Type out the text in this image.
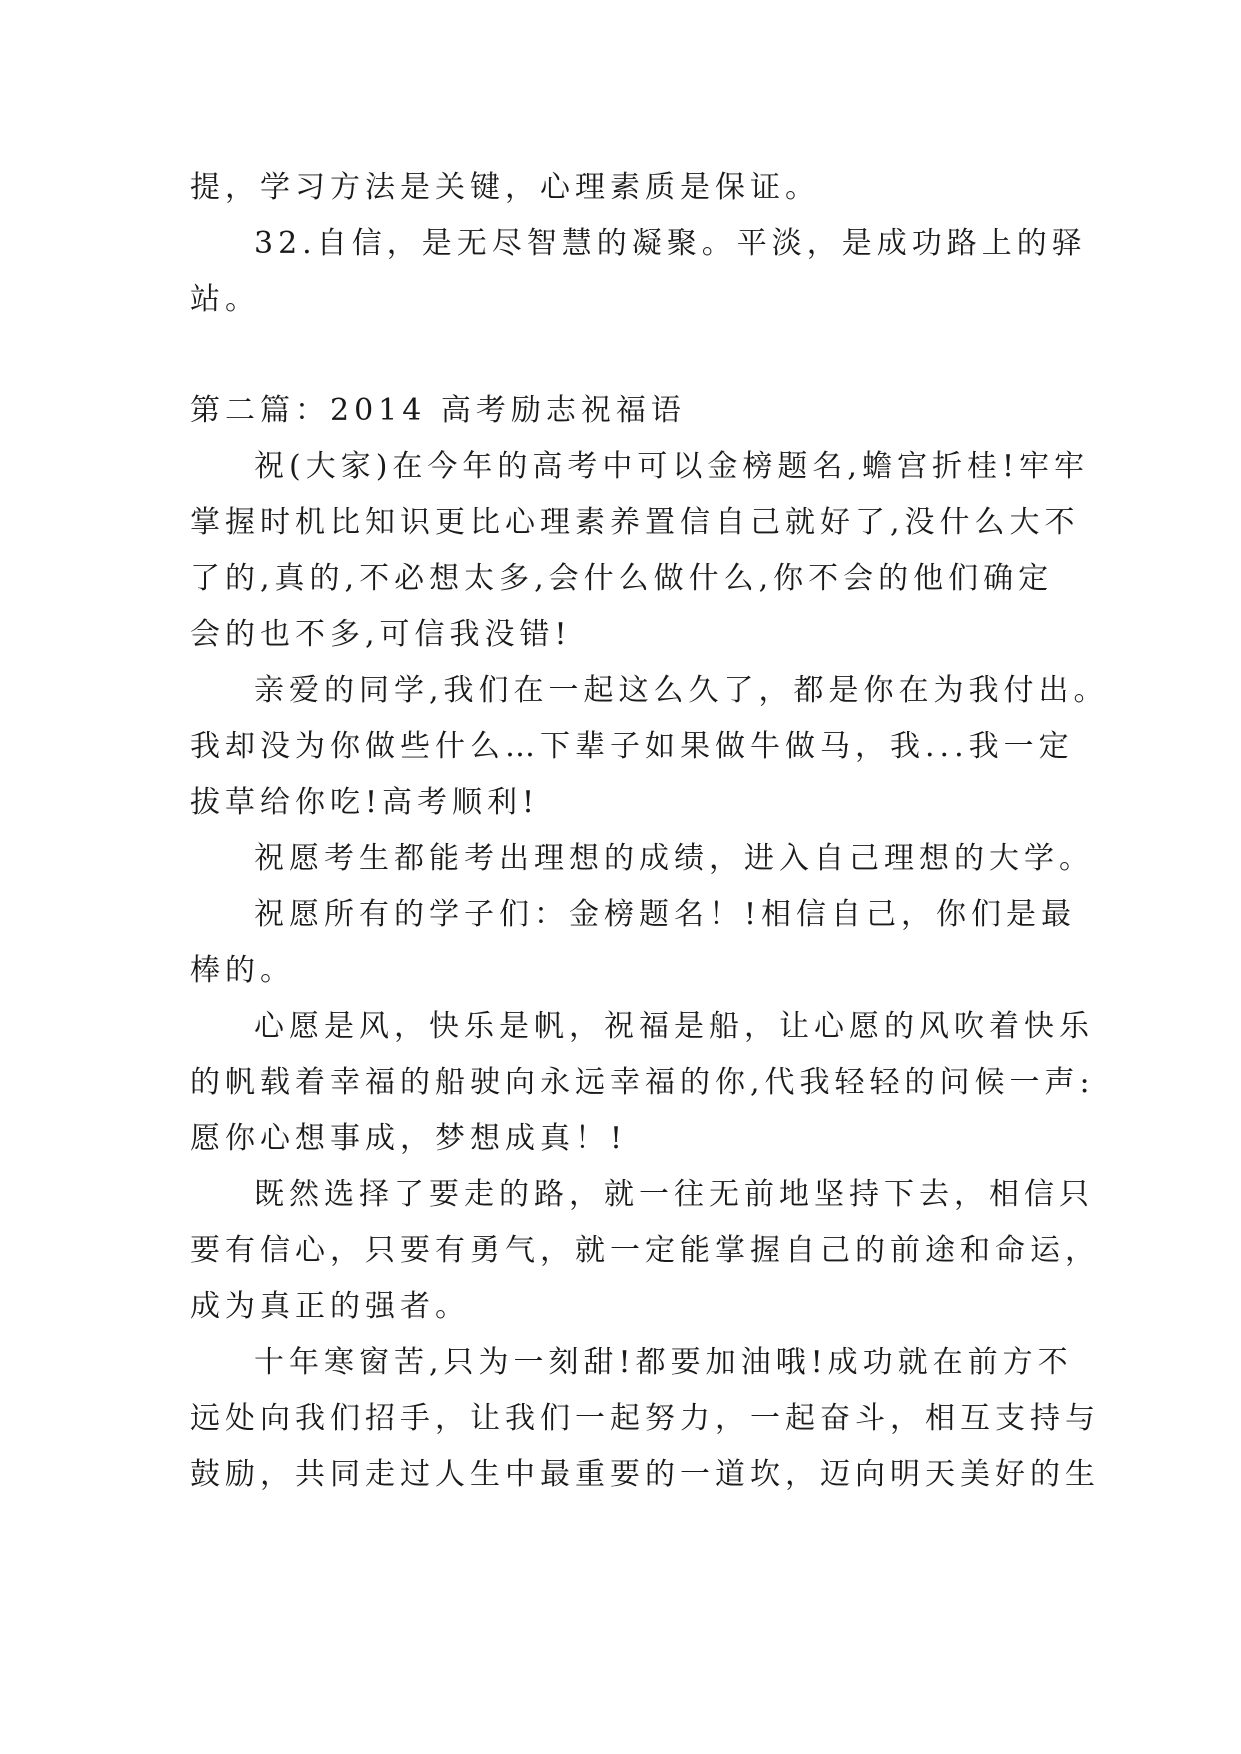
提，学习方法是关键，心理素质是保证。
32.自信，是无尽智慧的凝聚。平淡，是成功路上的驿
站。
第二篇：2014 高考励志祝福语
祝(大家)在今年的高考中可以金榜题名,蟾宫折桂!牢牢
掌握时机比知识更比心理素养置信自己就好了,没什么大不
了的,真的,不必想太多,会什么做什么,你不会的他们确定
会的也不多,可信我没错!
亲爱的同学,我们在一起这么久了，都是你在为我付出。
我却没为你做些什么…下辈子如果做牛做马，我...我一定
拔草给你吃!高考顺利!
祝愿考生都能考出理想的成绩，进入自己理想的大学。
祝愿所有的学子们：金榜题名！!相信自己，你们是最
棒的。
心愿是风，快乐是帆，祝福是船，让心愿的风吹着快乐
的帆载着幸福的船驶向永远幸福的你,代我轻轻的问候一声:
愿你心想事成，梦想成真！!
既然选择了要走的路，就一往无前地坚持下去，相信只
要有信心，只要有勇气，就一定能掌握自己的前途和命运，
成为真正的强者。
十年寒窗苦,只为一刻甜!都要加油哦!成功就在前方不
远处向我们招手，让我们一起努力，一起奋斗，相互支持与
鼓励，共同走过人生中最重要的一道坎，迈向明天美好的生
